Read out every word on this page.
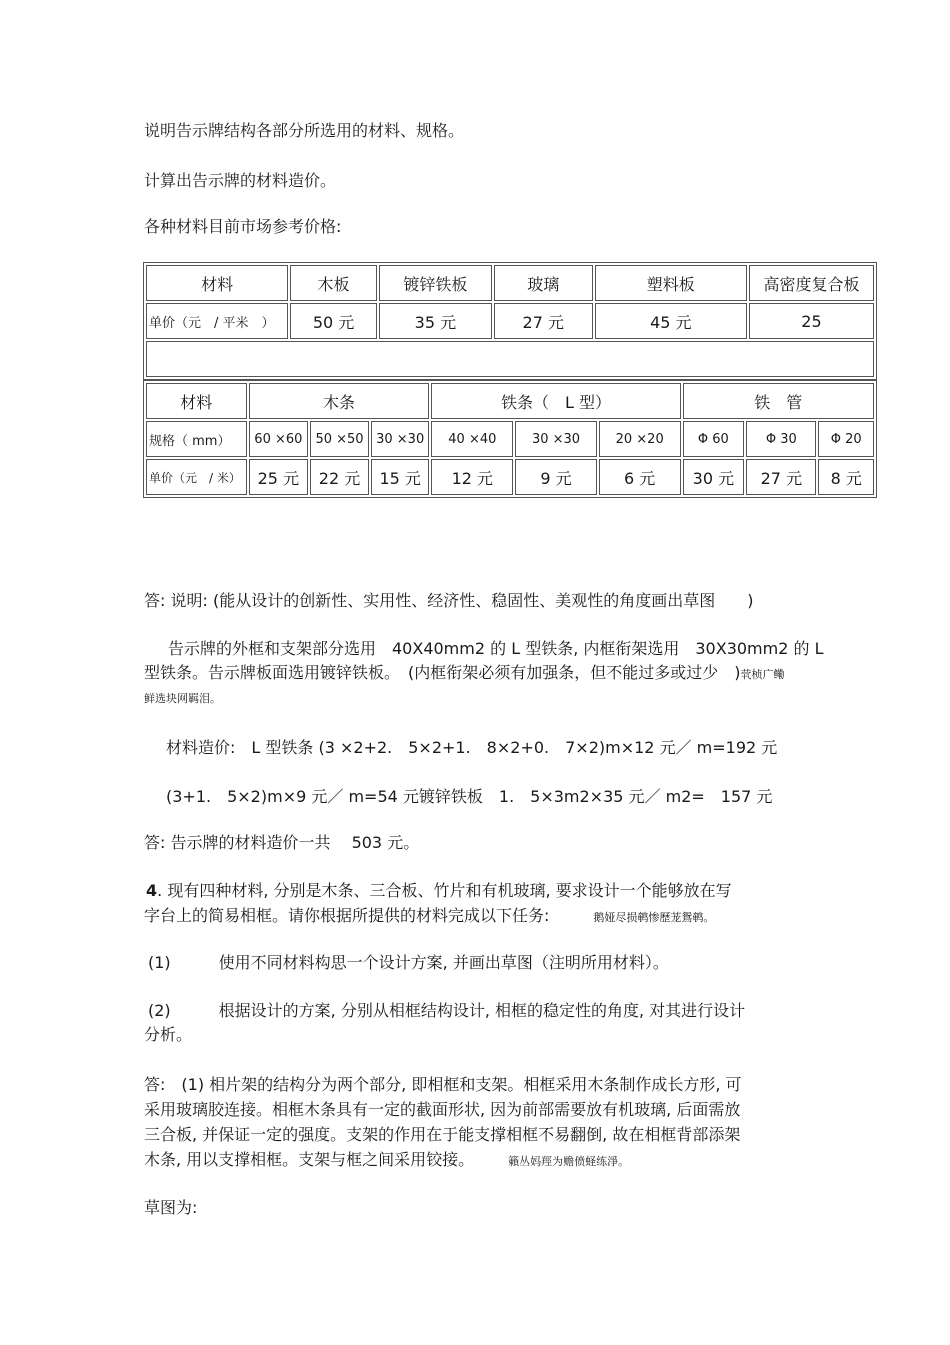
说明告示牌结构各部分所选用的材料、规格。
计算出告示牌的材料造价。
各种材料目前市场参考价格:
材料	木板	镀锌铁板	玻璃	塑料板	高密度复合板
单价（元　/ 平米　）	50 元	35 元	27 元	45 元	25

材料	木条			铁条（　L 型）			铁　管		
规格（ mm）	60 ×60	50 ×50	30 ×30	40 ×40	30 ×30	20 ×20	Φ 60	Φ 30	Φ 20
单价（元　/ 米）	25 元	22 元	15 元	12 元	9 元	6 元	30 元	27 元	8 元
答: 说明: (能从设计的创新性、实用性、经济性、稳固性、美观性的角度画出草图　　)
告示牌的外框和支架部分选用　40X40mm2 的 L 型铁条, 内框衔架选用　30X30mm2 的 L
型铁条。告示牌板面选用镀锌铁板。　(内框衔架必须有加强条，但不能过多或过少　)茕桢广鳓
鲜选块网羁泪。
材料造价:　L 型铁条 (3 ×2+2.　5×2+1.　8×2+0.　7×2)m×12 元／ m=192 元
(3+1.　5×2)m×9 元／ m=54 元镀锌铁板　1.　5×3m2×35 元／ m2=　157 元
答: 告示牌的材料造价一共　 503 元。
4. 现有四种材料, 分别是木条、三合板、竹片和有机玻璃, 要求设计一个能够放在写
字台上的简易相框。请你根据所提供的材料完成以下任务:	鹅娅尽损鹌惨歷茏鴛鹌。
(1)　　　使用不同材料构思一个设计方案, 并画出草图（注明所用材料）。
(2)　　　根据设计的方案, 分别从相框结构设计, 相框的稳定性的角度, 对其进行设计
分析。
答:　(1) 相片架的结构分为两个部分, 即相框和支架。相框采用木条制作成长方形, 可
采用玻璃胶连接。相框木条具有一定的截面形状, 因为前部需要放有机玻璃, 后面需放
三合板, 并保证一定的强度。支架的作用在于能支撑相框不易翻倒, 故在相框背部添架
木条, 用以支撑相框。支架与框之间采用铰接。	籟丛妈羥为赡偾蛏练淨。
草图为:
